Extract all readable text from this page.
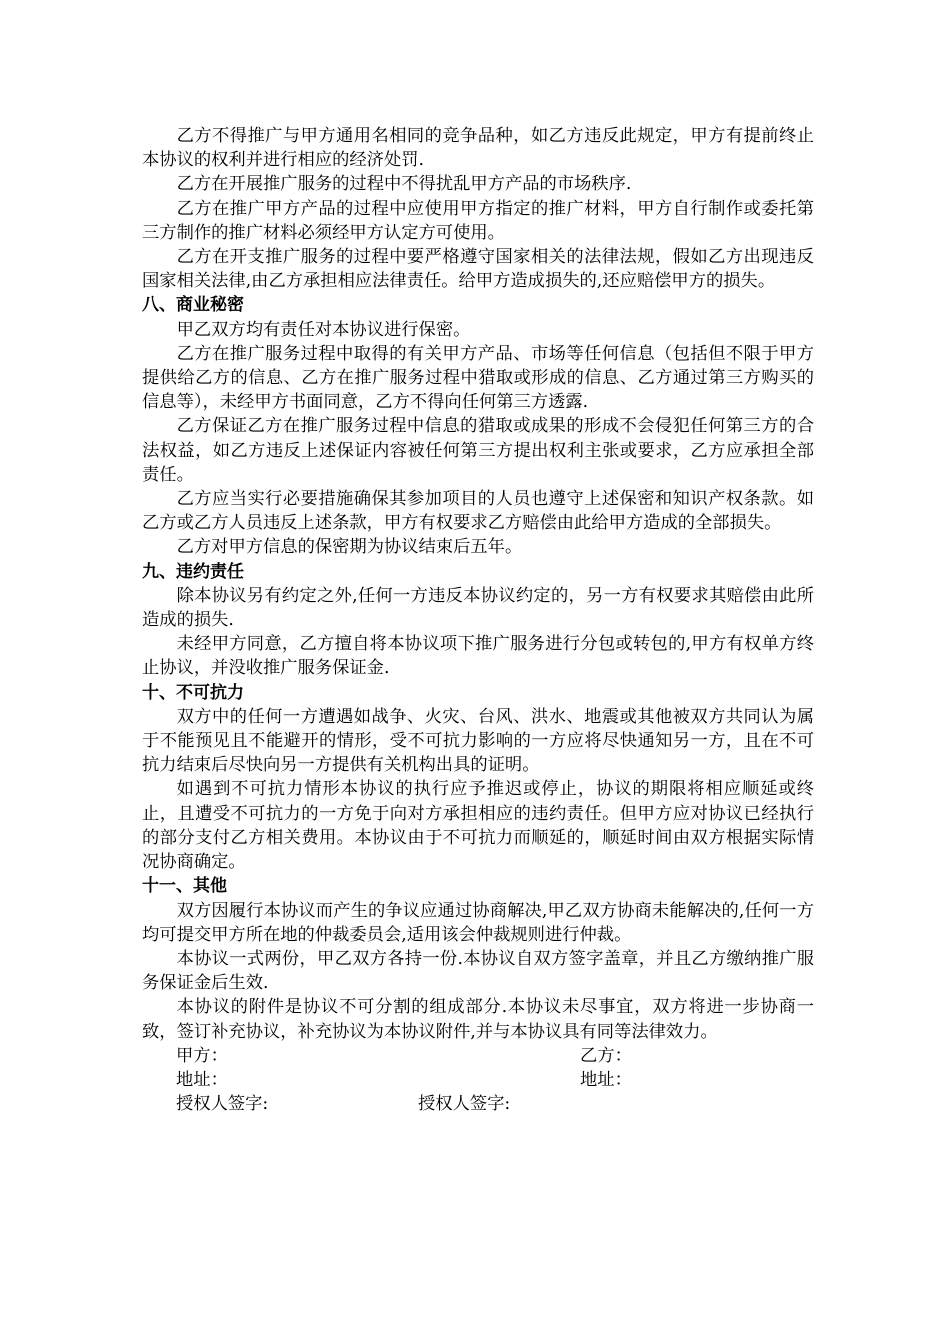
乙方不得推广与甲方通用名相同的竞争品种，如乙方违反此规定，甲方有提前终止本协议的权利并进行相应的经济处罚.

乙方在开展推广服务的过程中不得扰乱甲方产品的市场秩序.

乙方在推广甲方产品的过程中应使用甲方指定的推广材料，甲方自行制作或委托第三方制作的推广材料必须经甲方认定方可使用。

乙方在开支推广服务的过程中要严格遵守国家相关的法律法规，假如乙方出现违反国家相关法律,由乙方承担相应法律责任。给甲方造成损失的,还应赔偿甲方的损失。

八、商业秘密

甲乙双方均有责任对本协议进行保密。

乙方在推广服务过程中取得的有关甲方产品、市场等任何信息（包括但不限于甲方提供给乙方的信息、乙方在推广服务过程中猎取或形成的信息、乙方通过第三方购买的信息等），未经甲方书面同意，乙方不得向任何第三方透露.

乙方保证乙方在推广服务过程中信息的猎取或成果的形成不会侵犯任何第三方的合法权益，如乙方违反上述保证内容被任何第三方提出权利主张或要求，乙方应承担全部责任。

乙方应当实行必要措施确保其参加项目的人员也遵守上述保密和知识产权条款。如乙方或乙方人员违反上述条款，甲方有权要求乙方赔偿由此给甲方造成的全部损失。

乙方对甲方信息的保密期为协议结束后五年。

九、违约责任

除本协议另有约定之外,任何一方违反本协议约定的，另一方有权要求其赔偿由此所造成的损失.

未经甲方同意，乙方擅自将本协议项下推广服务进行分包或转包的,甲方有权单方终止协议，并没收推广服务保证金.

十、不可抗力

双方中的任何一方遭遇如战争、火灾、台风、洪水、地震或其他被双方共同认为属于不能预见且不能避开的情形，受不可抗力影响的一方应将尽快通知另一方，且在不可抗力结束后尽快向另一方提供有关机构出具的证明。

如遇到不可抗力情形本协议的执行应予推迟或停止，协议的期限将相应顺延或终止，且遭受不可抗力的一方免于向对方承担相应的违约责任。但甲方应对协议已经执行的部分支付乙方相关费用。本协议由于不可抗力而顺延的，顺延时间由双方根据实际情况协商确定。

十一、其他

双方因履行本协议而产生的争议应通过协商解决,甲乙双方协商未能解决的,任何一方均可提交甲方所在地的仲裁委员会,适用该会仲裁规则进行仲裁。

本协议一式两份，甲乙双方各持一份.本协议自双方签字盖章，并且乙方缴纳推广服务保证金后生效.

本协议的附件是协议不可分割的组成部分.本协议未尽事宜，双方将进一步协商一致，签订补充协议，补充协议为本协议附件,并与本协议具有同等法律效力。

甲方：	乙方：
地址：	地址：
授权人签字:	授权人签字:
